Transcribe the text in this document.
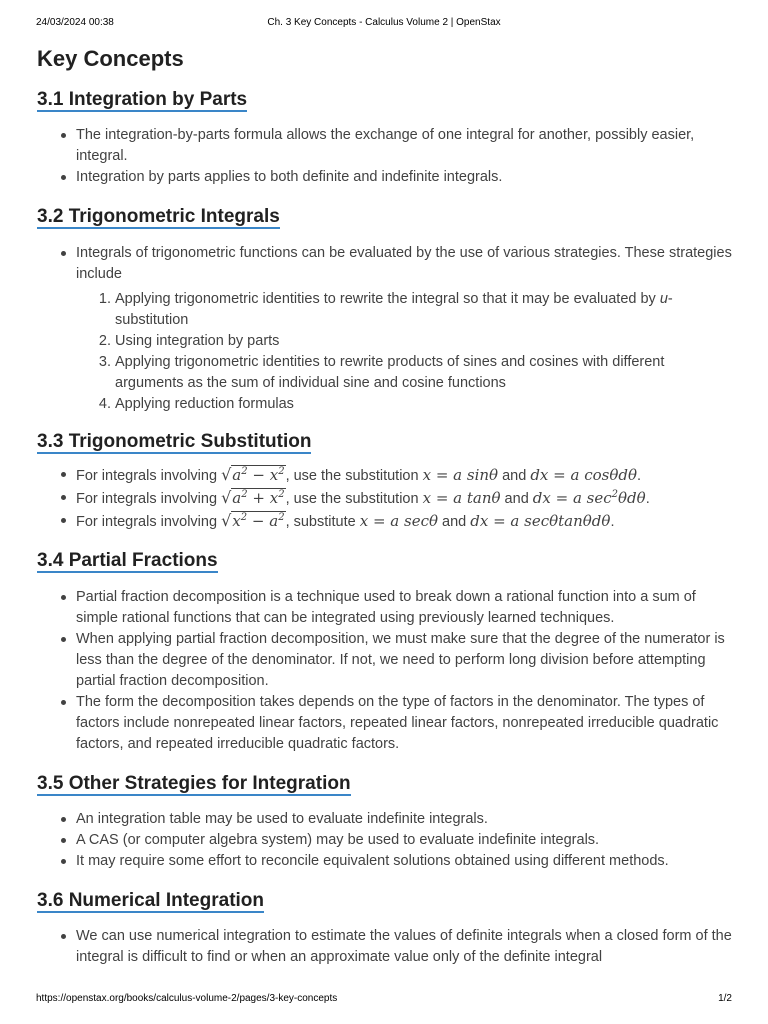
24/03/2024 00:38	Ch. 3 Key Concepts - Calculus Volume 2 | OpenStax
Key Concepts
3.1 Integration by Parts
The integration-by-parts formula allows the exchange of one integral for another, possibly easier, integral.
Integration by parts applies to both definite and indefinite integrals.
3.2 Trigonometric Integrals
Integrals of trigonometric functions can be evaluated by the use of various strategies. These strategies include
1. Applying trigonometric identities to rewrite the integral so that it may be evaluated by u-substitution
2. Using integration by parts
3. Applying trigonometric identities to rewrite products of sines and cosines with different arguments as the sum of individual sine and cosine functions
4. Applying reduction formulas
3.3 Trigonometric Substitution
For integrals involving $√a^2 - x^2$, use the substitution x = a sinθ and dx = a cosθdθ.
For integrals involving $√a^2 + x^2$, use the substitution x = a tanθ and dx = a $\sec^2\theta d\theta$.
For integrals involving $√x^2 - a^2$, substitute x = a secθ and dx = a secθtanθdθ.
3.4 Partial Fractions
Partial fraction decomposition is a technique used to break down a rational function into a sum of simple rational functions that can be integrated using previously learned techniques.
When applying partial fraction decomposition, we must make sure that the degree of the numerator is less than the degree of the denominator. If not, we need to perform long division before attempting partial fraction decomposition.
The form the decomposition takes depends on the type of factors in the denominator. The types of factors include nonrepeated linear factors, repeated linear factors, nonrepeated irreducible quadratic factors, and repeated irreducible quadratic factors.
3.5 Other Strategies for Integration
An integration table may be used to evaluate indefinite integrals.
A CAS (or computer algebra system) may be used to evaluate indefinite integrals.
It may require some effort to reconcile equivalent solutions obtained using different methods.
3.6 Numerical Integration
We can use numerical integration to estimate the values of definite integrals when a closed form of the integral is difficult to find or when an approximate value only of the definite integral
https://openstax.org/books/calculus-volume-2/pages/3-key-concepts	1/2
